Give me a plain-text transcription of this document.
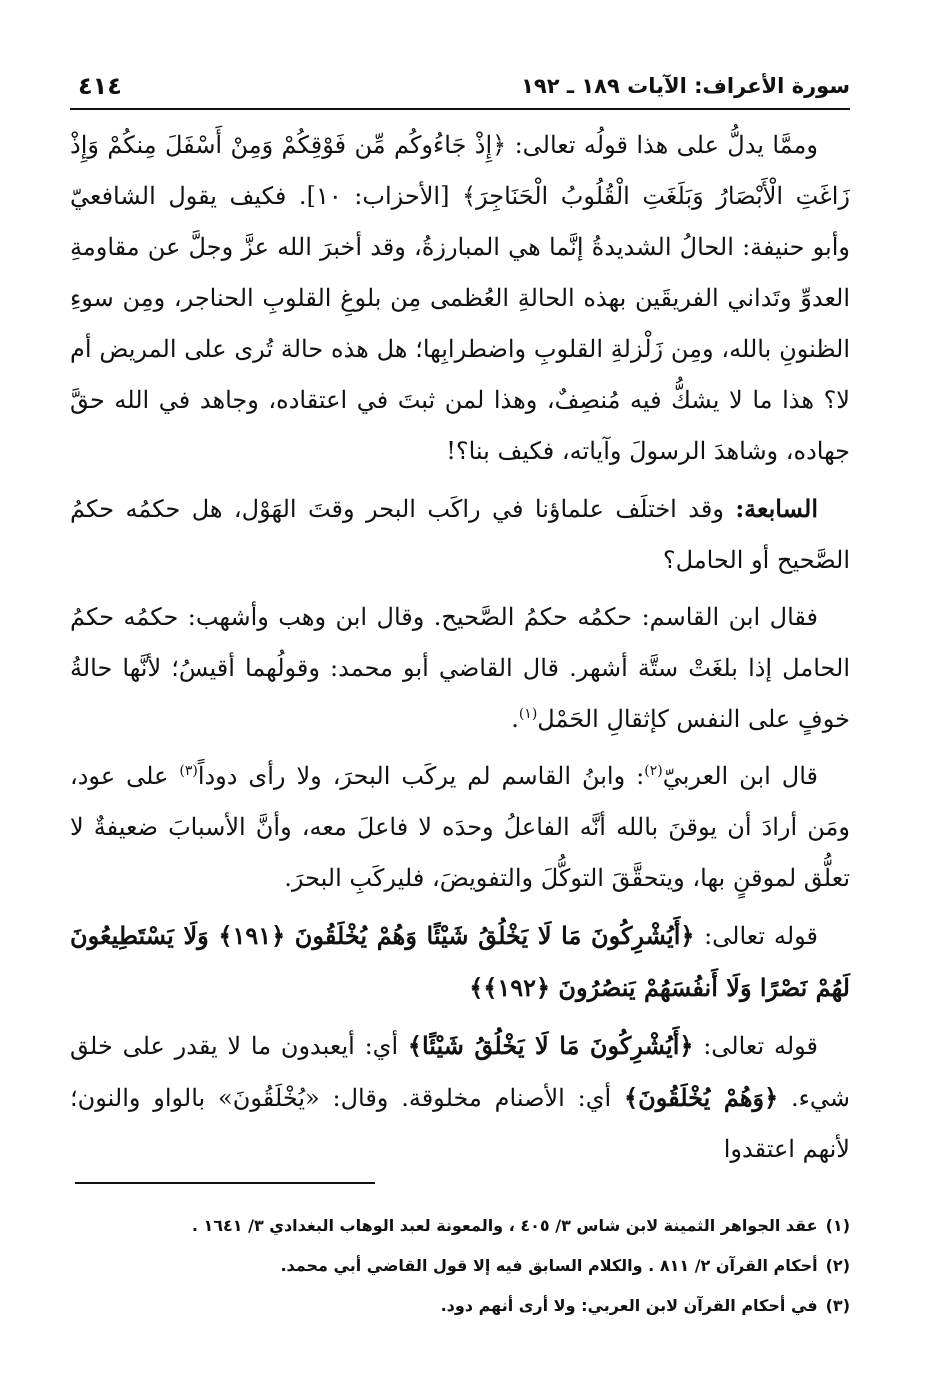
سورة الأعراف: الآيات ١٨٩ ـ ١٩٢
٤١٤

وممَّا يدلُّ على هذا قولُه تعالى: ﴿إِذْ جَاءُوكُم مِّن فَوْقِكُمْ وَمِنْ أَسْفَلَ مِنكُمْ وَإِذْ زَاغَتِ الْأَبْصَارُ وَبَلَغَتِ الْقُلُوبُ الْحَنَاجِرَ﴾ [الأحزاب: ١٠]. فكيف يقول الشافعيّ وأبو حنيفة: الحالُ الشديدةُ إنَّما هي المبارزةُ، وقد أخبرَ الله عزَّ وجلَّ عن مقاومةِ العدوِّ وتَداني الفريقَين بهذه الحالةِ العُظمى مِن بلوغِ القلوبِ الحناجر، ومِن سوءِ الظنونِ بالله، ومِن زَلْزلةِ القلوبِ واضطرابِها؛ هل هذه حالة تُرى على المريض أم لا؟ هذا ما لا يشكُّ فيه مُنصِفٌ، وهذا لمن ثبتَ في اعتقاده، وجاهد في الله حقَّ جهاده، وشاهدَ الرسولَ وآياته، فكيف بنا؟!

السابعة: وقد اختلَف علماؤنا في راكَب البحر وقتَ الهَوْل، هل حكمُه حكمُ الصَّحيح أو الحامل؟

فقال ابن القاسم: حكمُه حكمُ الصَّحيح. وقال ابن وهب وأشهب: حكمُه حكمُ الحامل إذا بلغَتْ ستَّة أشهر. قال القاضي أبو محمد: وقولُهما أقيسُ؛ لأنَّها حالةُ خوفٍ على النفس كإثقالِ الحَمْل$^{(١)}$.

قال ابن العربيّ$^{(٢)}$: وابنُ القاسم لم يركَب البحرَ، ولا رأى دوداً$^{(٣)}$ على عود، ومَن أرادَ أن يوقنَ بالله أنَّه الفاعلُ وحدَه لا فاعلَ معه، وأنَّ الأسبابَ ضعيفةٌ لا تعلُّق لموقنٍ بها، ويتحقَّقَ التوكُّلَ والتفويضَ، فليركَبِ البحرَ.

قوله تعالى: ﴿أَيُشْرِكُونَ مَا لَا يَخْلُقُ شَيْئًا وَهُمْ يُخْلَقُونَ ﴿١٩١﴾ وَلَا يَسْتَطِيعُونَ لَهُمْ نَصْرًا وَلَا أَنفُسَهُمْ يَنصُرُونَ ﴿١٩٢﴾﴾

قوله تعالى: ﴿أَيُشْرِكُونَ مَا لَا يَخْلُقُ شَيْئًا﴾ أي: أيعبدون ما لا يقدر على خلق شيء. ﴿وَهُمْ يُخْلَقُونَ﴾ أي: الأصنام مخلوقة. وقال: «يُخْلَقُونَ» بالواو والنون؛ لأنهم اعتقدوا

(١)عقد الجواهر الثمينة لابن شاس ٣/ ٤٠٥ ، والمعونة لعبد الوهاب البغدادي ٣/ ١٦٤١ .

(٢)أحكام القرآن ٢/ ٨١١ . والكلام السابق فيه إلا قول القاضي أبي محمد.

(٣)في أحكام القرآن لابن العربي: ولا أرى أنهم دود.
